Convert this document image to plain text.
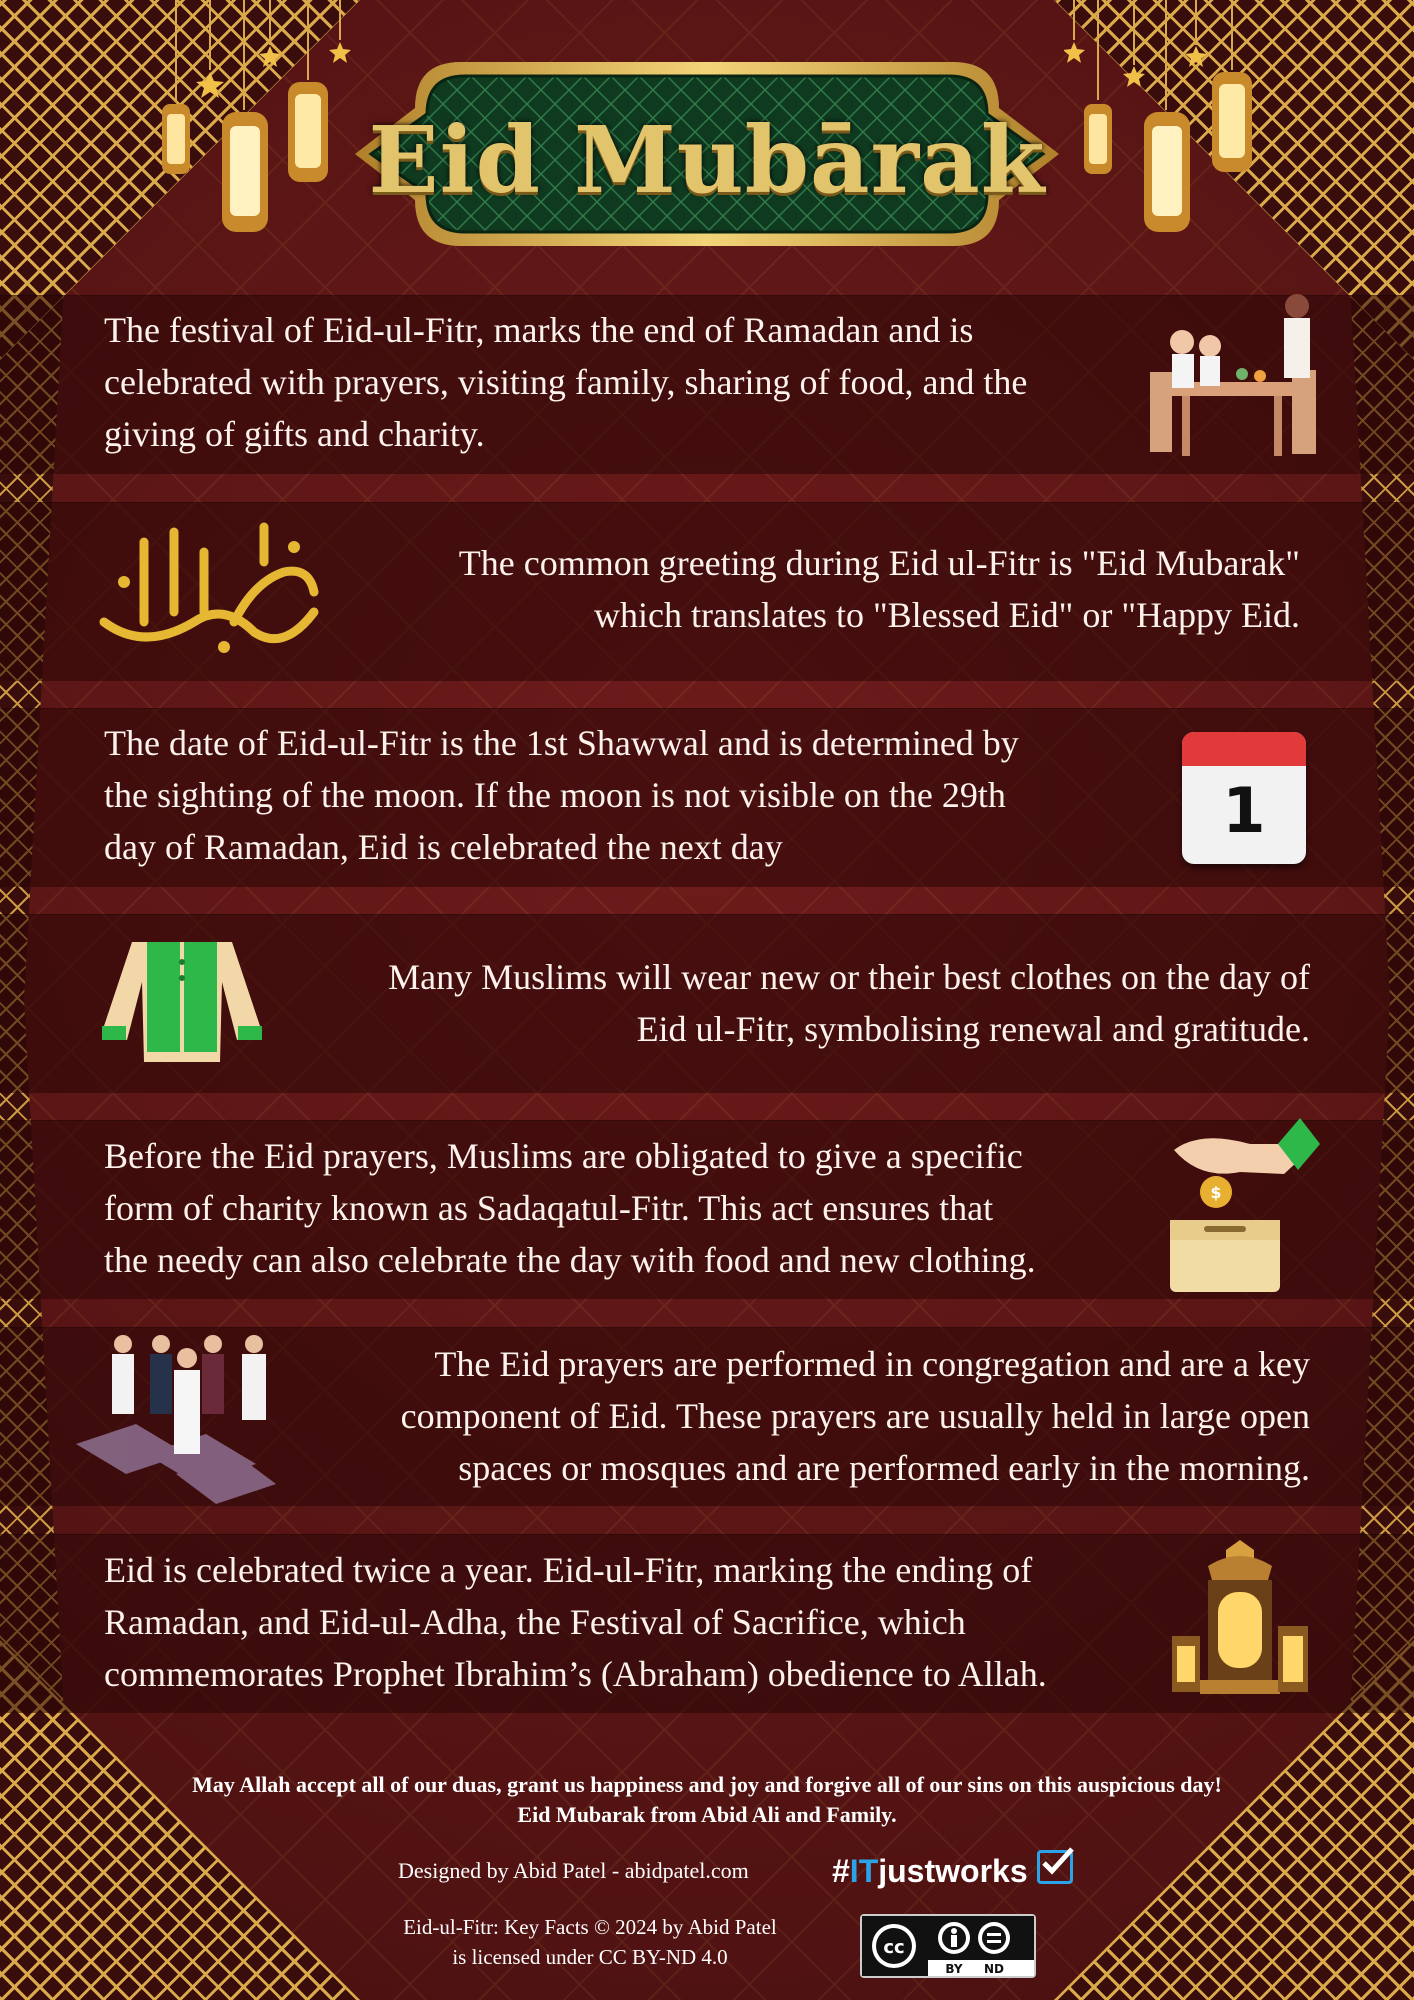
Eid Mubārak
The festival of Eid-ul-Fitr, marks the end of Ramadan and is
celebrated with prayers, visiting family, sharing of food, and the
giving of gifts and charity.
The common greeting during Eid ul-Fitr is "Eid Mubarak"
which translates to "Blessed Eid" or "Happy Eid.
The date of Eid-ul-Fitr is the 1st Shawwal and is determined by
the sighting of the moon. If the moon is not visible on the 29th
day of Ramadan, Eid is celebrated the next day	1
Many Muslims will wear new or their best clothes on the day of
Eid ul-Fitr, symbolising renewal and gratitude.
Before the Eid prayers, Muslims are obligated to give a specific
form of charity known as Sadaqatul-Fitr. This act ensures that
the needy can also celebrate the day with food and new clothing.
$
The Eid prayers are performed in congregation and are a key
component of Eid. These prayers are usually held in large open
spaces or mosques and are performed early in the morning.
Eid is celebrated twice a year. Eid-ul-Fitr, marking the ending of
Ramadan, and Eid-ul-Adha, the Festival of Sacrifice, which
commemorates Prophet Ibrahim’s (Abraham) obedience to Allah.
May Allah accept all of our duas, grant us happiness and joy and forgive all of our sins on this auspicious day!
Eid Mubarak from Abid Ali and Family.
Designed by Abid Patel - abidpatel.com	#ITjustworks
Eid-ul-Fitr: Key Facts © 2024 by Abid Patel
is licensed under CC BY-ND 4.0	cc
BY ND
